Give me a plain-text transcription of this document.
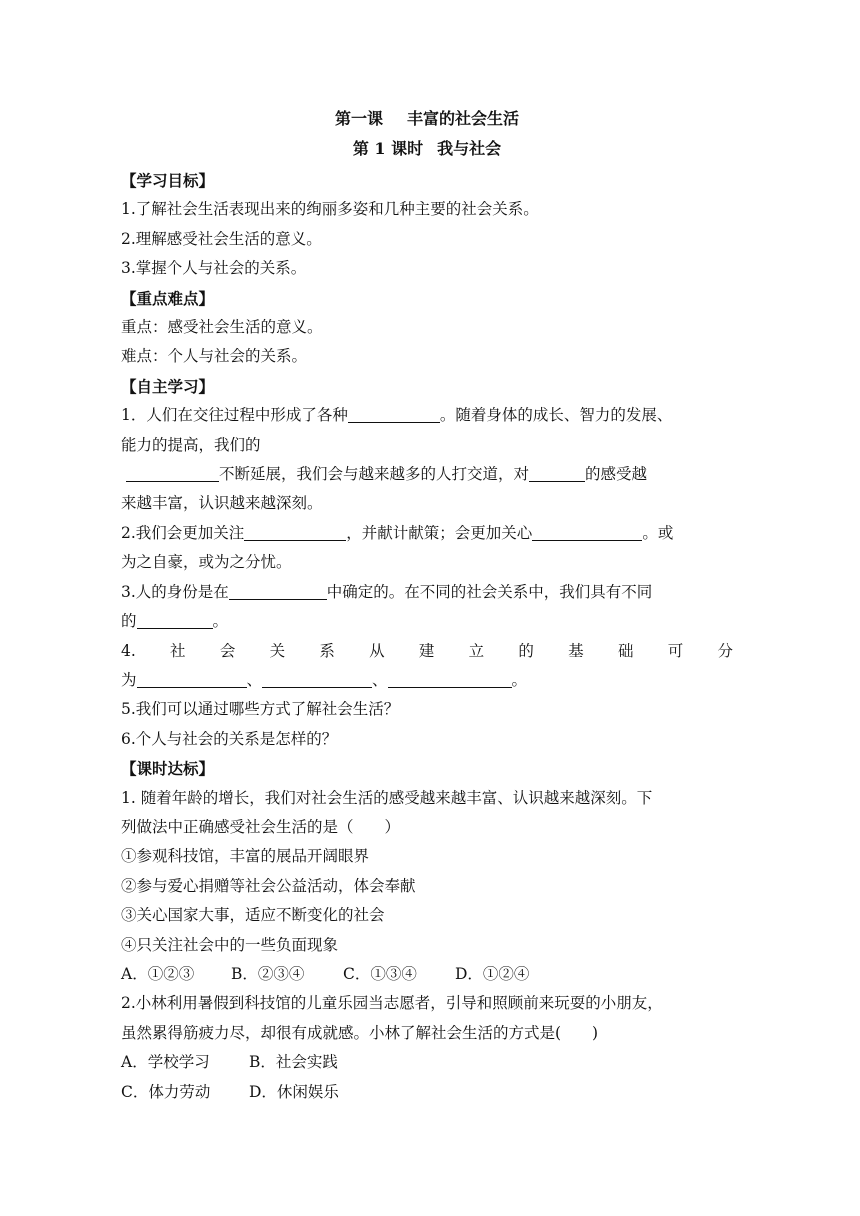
第一课 丰富的社会生活
第 1 课时 我与社会
【学习目标】
1.了解社会生活表现出来的绚丽多姿和几种主要的社会关系。
2.理解感受社会生活的意义。
3.掌握个人与社会的关系。
【重点难点】
重点：感受社会生活的意义。
难点：个人与社会的关系。
【自主学习】
1．人们在交往过程中形成了各种	。随着身体的成长、智力的发展、
能力的提高，我们的
不断延展，我们会与越来越多的人打交道，对	的感受越
来越丰富，认识越来越深刻。
2.我们会更加关注	，并献计献策；会更加关心	。或
为之自豪，或为之分忧。
3.人的身份是在	中确定的。在不同的社会关系中，我们具有不同
的	。
4. 社 会 关 系 从 建 立 的 基 础 可 分
为	、	、	。
5.我们可以通过哪些方式了解社会生活？
6.个人与社会的关系是怎样的？
【课时达标】
1. 随着年龄的增长，我们对社会生活的感受越来越丰富、认识越来越深刻。下
列做法中正确感受社会生活的是（　　）
①参观科技馆，丰富的展品开阔眼界
②参与爱心捐赠等社会公益活动，体会奉献
③关心国家大事，适应不断变化的社会
④只关注社会中的一些负面现象
A．①②③ B．②③④ C．①③④ D．①②④
2.小林利用暑假到科技馆的儿童乐园当志愿者，引导和照顾前来玩耍的小朋友，
虽然累得筋疲力尽，却很有成就感。小林了解社会生活的方式是(　　)
A．学校学习	B．社会实践
C．体力劳动 D．休闲娱乐
